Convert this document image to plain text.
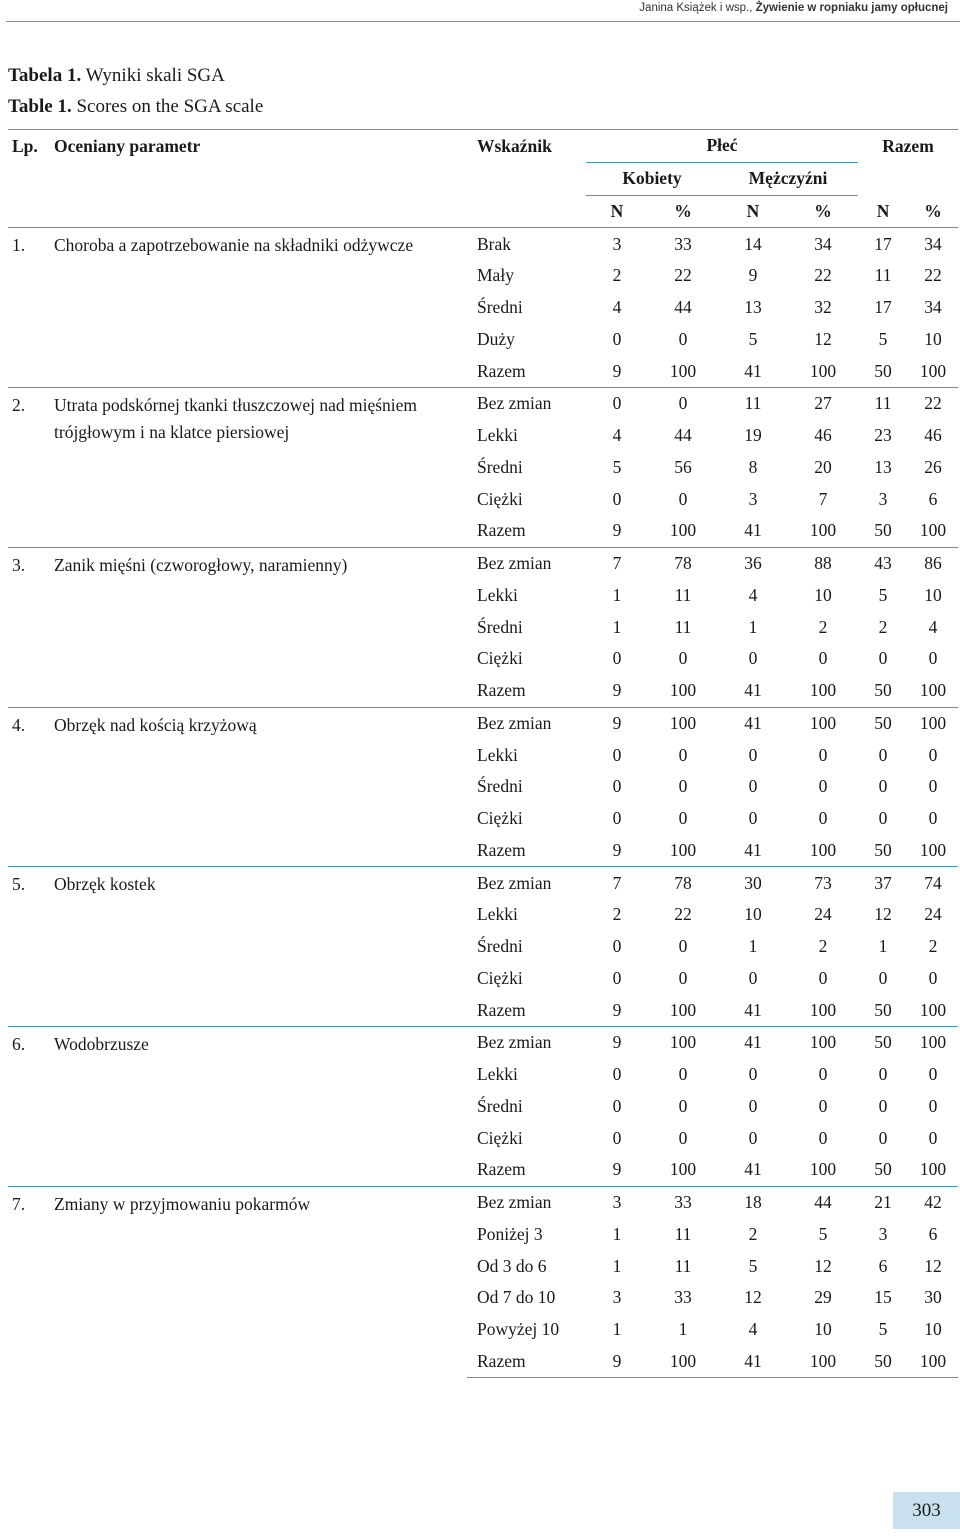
Janina Książek i wsp., Żywienie w ropniaku jamy opłucnej
Tabela 1. Wyniki skali SGA
Table 1. Scores on the SGA scale
Lp.	Oceniany parametr	Wskaźnik	Płeć				Razem	
			Kobiety		Mężczyźni			
			N	%	N	%	N	%
1.	Choroba a zapotrzebowanie na składniki odżywcze	Brak	3	33	14	34	17	34
		Mały	2	22	9	22	11	22
		Średni	4	44	13	32	17	34
		Duży	0	0	5	12	5	10
		Razem	9	100	41	100	50	100
2.	Utrata podskórnej tkanki tłuszczowej nad mięśniem trójgłowym i na klatce piersiowej	Bez zmian	0	0	11	27	11	22
		Lekki	4	44	19	46	23	46
		Średni	5	56	8	20	13	26
		Ciężki	0	0	3	7	3	6
		Razem	9	100	41	100	50	100
3.	Zanik mięśni (czworogłowy, naramienny)	Bez zmian	7	78	36	88	43	86
		Lekki	1	11	4	10	5	10
		Średni	1	11	1	2	2	4
		Ciężki	0	0	0	0	0	0
		Razem	9	100	41	100	50	100
4.	Obrzęk nad kością krzyżową	Bez zmian	9	100	41	100	50	100
		Lekki	0	0	0	0	0	0
		Średni	0	0	0	0	0	0
		Ciężki	0	0	0	0	0	0
		Razem	9	100	41	100	50	100
5.	Obrzęk kostek	Bez zmian	7	78	30	73	37	74
		Lekki	2	22	10	24	12	24
		Średni	0	0	1	2	1	2
		Ciężki	0	0	0	0	0	0
		Razem	9	100	41	100	50	100
6.	Wodobrzusze	Bez zmian	9	100	41	100	50	100
		Lekki	0	0	0	0	0	0
		Średni	0	0	0	0	0	0
		Ciężki	0	0	0	0	0	0
		Razem	9	100	41	100	50	100
7.	Zmiany w przyjmowaniu pokarmów	Bez zmian	3	33	18	44	21	42
		Poniżej 3	1	11	2	5	3	6
		Od 3 do 6	1	11	5	12	6	12
		Od 7 do 10	3	33	12	29	15	30
		Powyżej 10	1	1	4	10	5	10
		Razem	9	100	41	100	50	100
303
